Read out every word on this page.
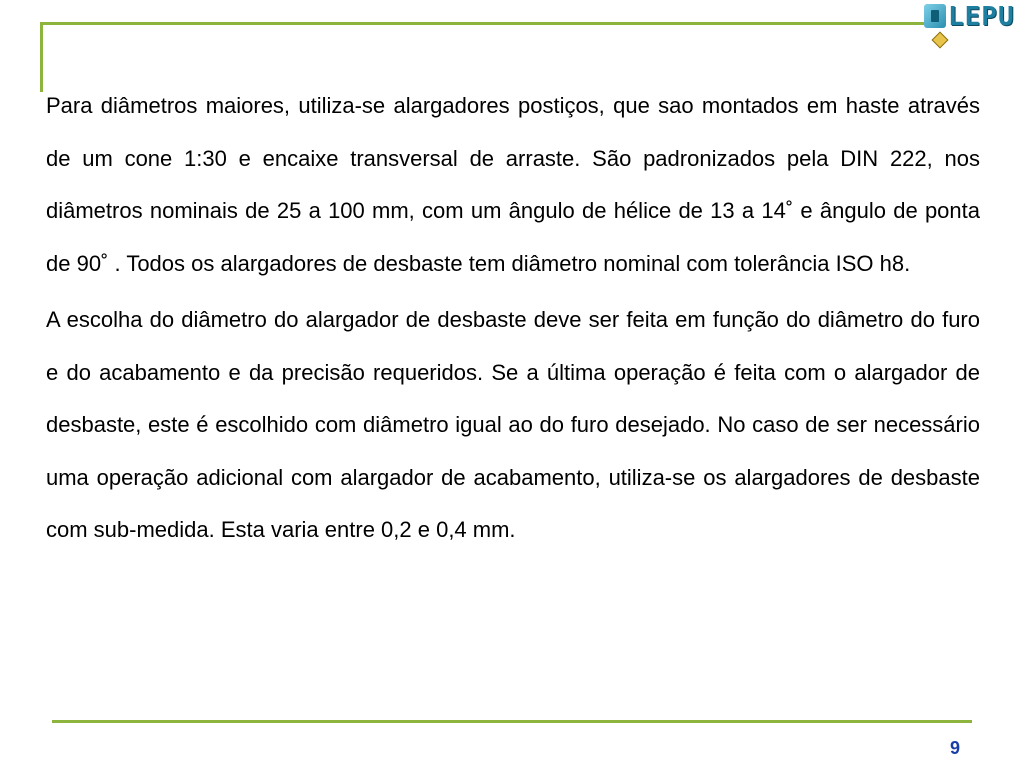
LEPU

Para diâmetros maiores, utiliza-se alargadores postiços, que sao montados em haste através de um cone 1:30 e encaixe transversal de arraste. São padronizados pela DIN 222, nos diâmetros nominais de 25 a 100 mm, com um ângulo de hélice de 13 a 14˚ e ângulo de ponta de 90˚ . Todos os alargadores de desbaste tem diâmetro nominal com tolerância ISO h8.

A escolha do diâmetro do alargador de desbaste deve ser feita em função do diâmetro do furo e do acabamento e da precisão requeridos. Se a última operação é feita com o alargador de desbaste, este é escolhido com diâmetro igual ao do furo desejado. No caso de ser necessário uma operação adicional com alargador de acabamento, utiliza-se os alargadores de desbaste com sub-medida. Esta varia entre 0,2 e 0,4 mm.

9
